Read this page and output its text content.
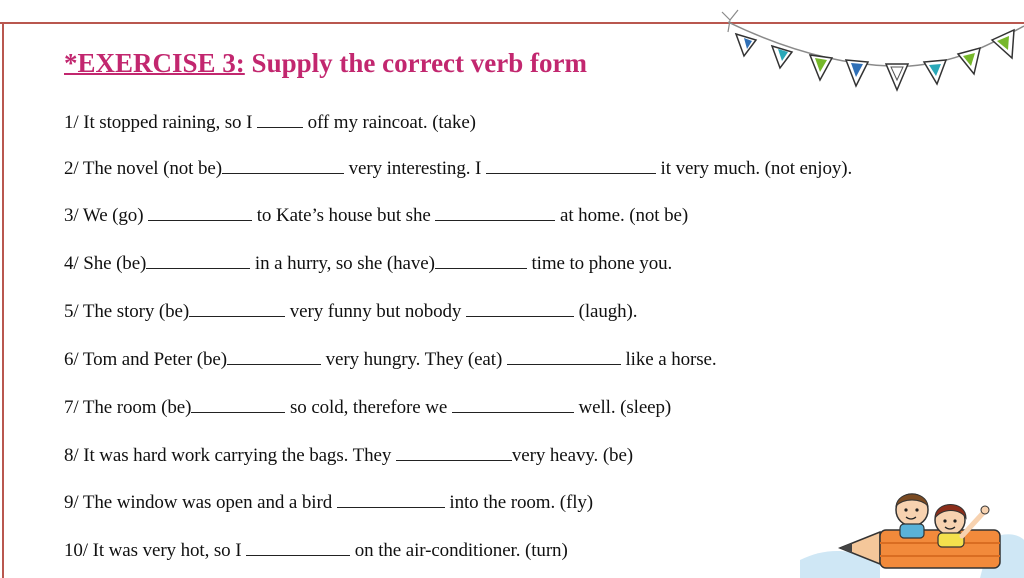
*EXERCISE 3: Supply the correct verb form
1/ It stopped raining, so I  off my raincoat. (take)
2/ The novel (not be)	very interesting. I	it very much. (not enjoy).
3/ We (go)	to Kate’s house but she	at home. (not be)
4/ She (be)	in a hurry, so she (have)	time to phone you.
5/ The story (be)	very funny but nobody	(laugh).
6/ Tom and Peter (be)	very hungry. They (eat)	like a horse.
7/ The room (be)	so cold, therefore we	well. (sleep)
8/ It was hard work carrying the bags. They	very heavy. (be)
9/ The window was open and a bird	into the room. (fly)
10/ It was very hot, so I	on the air-conditioner. (turn)
